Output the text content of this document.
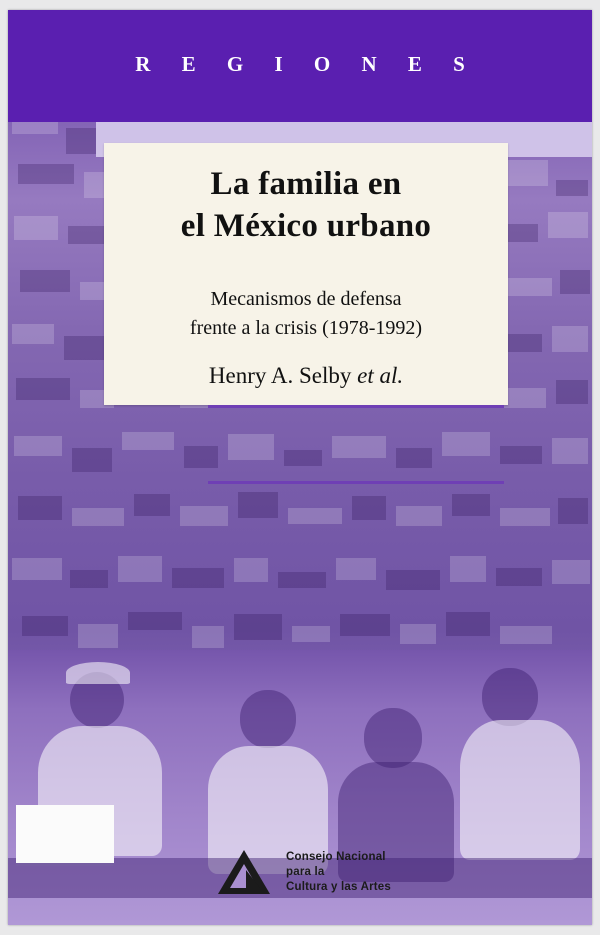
R E G I O N E S
La familia en
el México urbano
Mecanismos de defensa
frente a la crisis (1978-1992)
Henry A. Selby et al.
Consejo Nacional
para la
Cultura y las Artes
